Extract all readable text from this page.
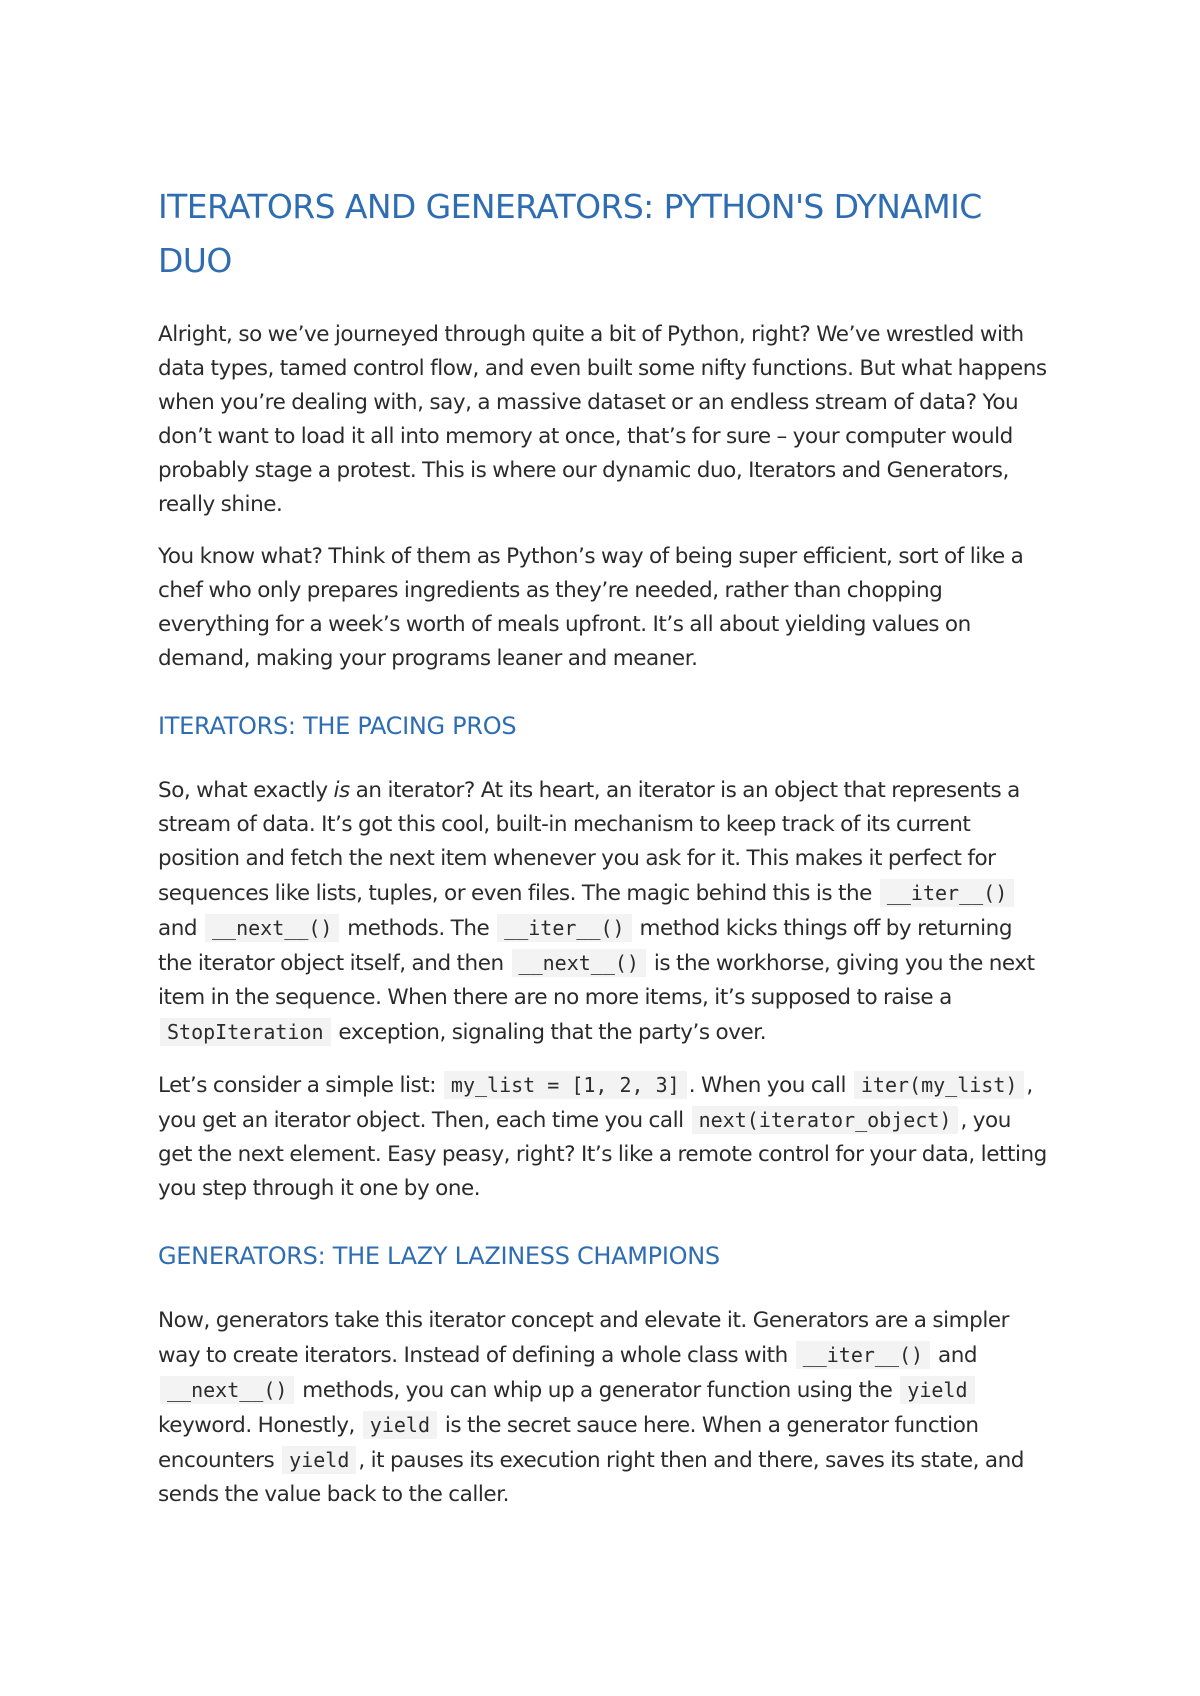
ITERATORS AND GENERATORS: PYTHON'S DYNAMIC DUO

Alright, so we’ve journeyed through quite a bit of Python, right? We’ve wrestled with data types, tamed control flow, and even built some nifty functions. But what happens when you’re dealing with, say, a massive dataset or an endless stream of data? You don’t want to load it all into memory at once, that’s for sure – your computer would probably stage a protest. This is where our dynamic duo, Iterators and Generators, really shine.

You know what? Think of them as Python’s way of being super efficient, sort of like a chef who only prepares ingredients as they’re needed, rather than chopping everything for a week’s worth of meals upfront. It’s all about yielding values on demand, making your programs leaner and meaner.

ITERATORS: THE PACING PROS

So, what exactly is an iterator? At its heart, an iterator is an object that represents a stream of data. It’s got this cool, built-in mechanism to keep track of its current position and fetch the next item whenever you ask for it. This makes it perfect for sequences like lists, tuples, or even files. The magic behind this is the __iter__() and __next__() methods. The __iter__() method kicks things off by returning the iterator object itself, and then __next__() is the workhorse, giving you the next item in the sequence. When there are no more items, it’s supposed to raise a StopIteration exception, signaling that the party’s over.

Let’s consider a simple list: my_list = [1, 2, 3] . When you call iter(my_list) , you get an iterator object. Then, each time you call next(iterator_object) , you get the next element. Easy peasy, right? It’s like a remote control for your data, letting you step through it one by one.

GENERATORS: THE LAZY LAZINESS CHAMPIONS

Now, generators take this iterator concept and elevate it. Generators are a simpler way to create iterators. Instead of defining a whole class with __iter__() and __next__() methods, you can whip up a generator function using the yield keyword. Honestly, yield is the secret sauce here. When a generator function encounters yield , it pauses its execution right then and there, saves its state, and sends the value back to the caller.
